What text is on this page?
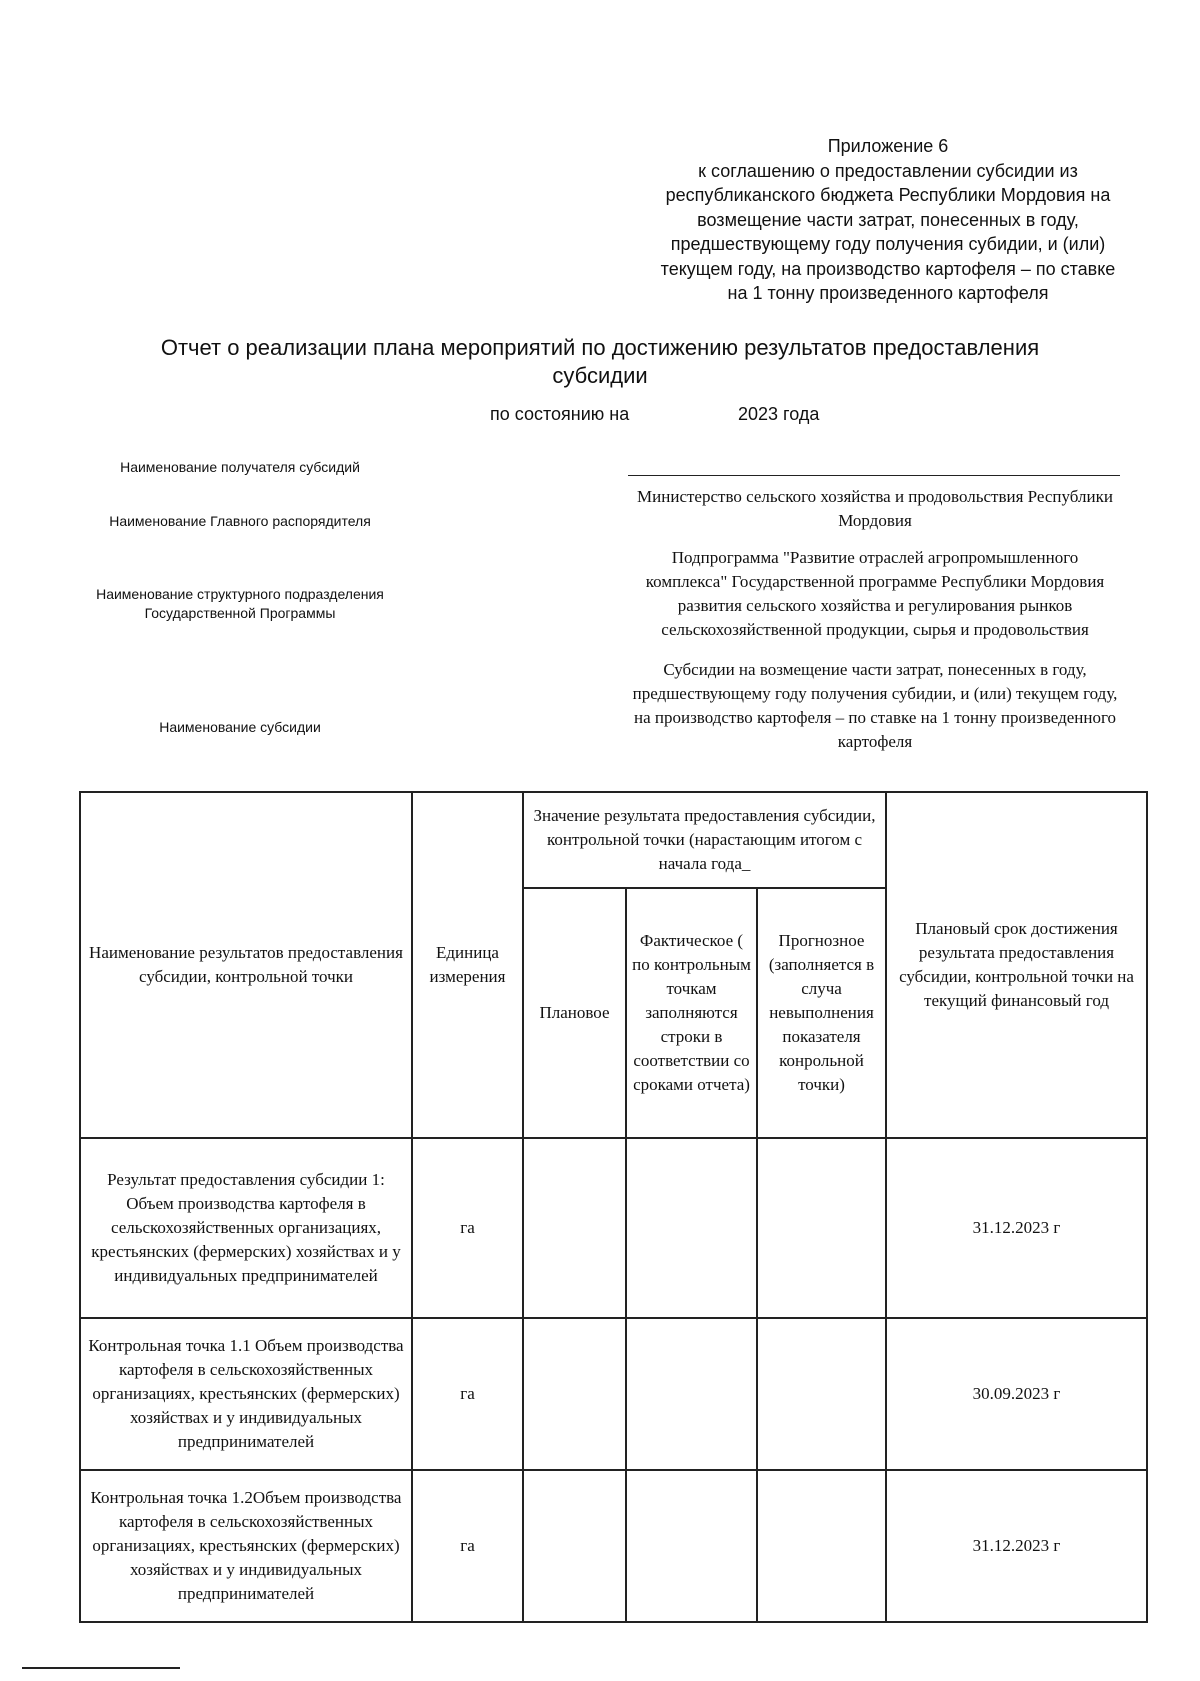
Приложение 6
к соглашению о предоставлении субсидии из
республиканского бюджета Республики Мордовия на
возмещение части затрат, понесенных в году,
предшествующему году получения субидии, и (или)
текущем году, на производство картофеля – по ставке
на 1 тонну произведенного картофеля
Отчет о реализации плана мероприятий по достижению результатов предоставления
субсидии
по состоянию на	2023 года
Наименование получателя субсидий
Наименование Главного распорядителя
Министерство сельского хозяйства и продовольствия Республики Мордовия
Наименование структурного подразделения Государственной Программы
Подпрограмма "Развитие отраслей агропромышленного комплекса" Государственной программе Республики Мордовия развития сельского хозяйства и регулирования рынков сельскохозяйственной продукции, сырья и продовольствия
Наименование субсидии
Субсидии на возмещение части затрат, понесенных в году, предшествующему году получения субидии, и (или) текущем году, на производство картофеля – по ставке на 1 тонну произведенного картофеля
Наименование результатов предоставления субсидии, контрольной точки	Единица измерения	Значение результата предоставления субсидии, контрольной точки (нарастающим итогом с начала года_			Плановый срок достижения результата предоставления субсидии, контрольной точки на текущий финансовый год
		Плановое	Фактическое ( по контрольным точкам заполняются строки в соответствии со сроками отчета)	Прогнозное (заполняется в случа невыполнения показателя конрольной точки)	
Результат предоставления субсидии 1: Объем производства картофеля в сельскохозяйственных организациях, крестьянских (фермерских) хозяйствах и у индивидуальных предпринимателей	га				31.12.2023 г
Контрольная точка 1.1 Объем производства картофеля в сельскохозяйственных организациях, крестьянских (фермерских) хозяйствах и у индивидуальных предпринимателей	га				30.09.2023 г
Контрольная точка 1.2Объем производства картофеля в сельскохозяйственных организациях, крестьянских (фермерских) хозяйствах и у индивидуальных предпринимателей	га				31.12.2023 г
